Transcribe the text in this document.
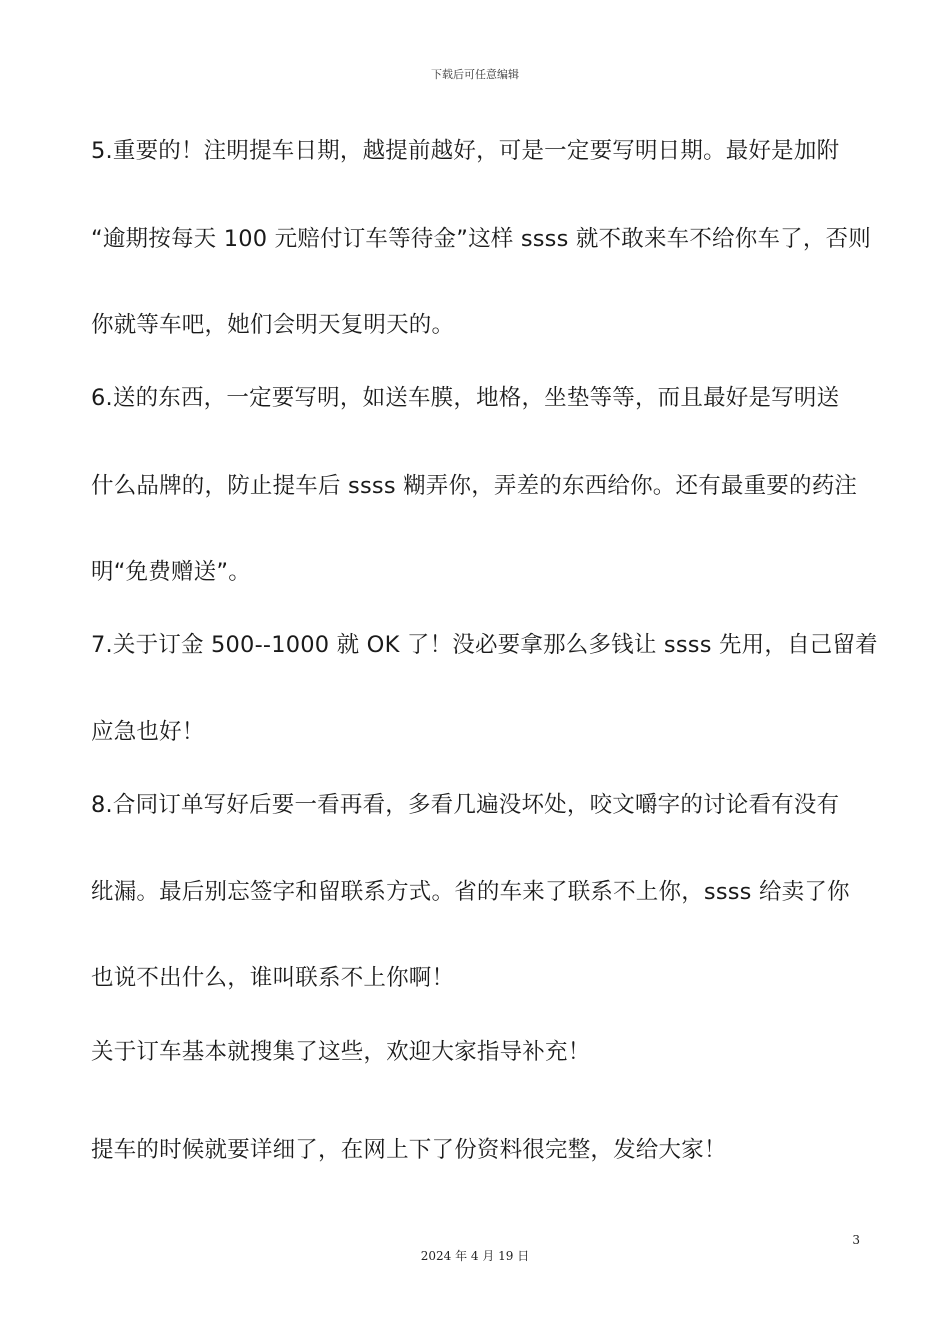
下载后可任意编辑
5.重要的！注明提车日期，越提前越好，可是一定要写明日期。最好是加附
“逾期按每天 100 元赔付订车等待金”这样 ssss 就不敢来车不给你车了，否则
你就等车吧，她们会明天复明天的。
6.送的东西，一定要写明，如送车膜，地格，坐垫等等，而且最好是写明送
什么品牌的，防止提车后 ssss 糊弄你，弄差的东西给你。还有最重要的药注
明“免费赠送”。
7.关于订金 500--1000 就 OK 了！没必要拿那么多钱让 ssss 先用，自己留着
应急也好！
8.合同订单写好后要一看再看，多看几遍没坏处，咬文嚼字的讨论看有没有
纰漏。最后别忘签字和留联系方式。省的车来了联系不上你，ssss 给卖了你
也说不出什么，谁叫联系不上你啊！
关于订车基本就搜集了这些，欢迎大家指导补充！
提车的时候就要详细了，在网上下了份资料很完整，发给大家！
3
2024 年 4 月 19 日
